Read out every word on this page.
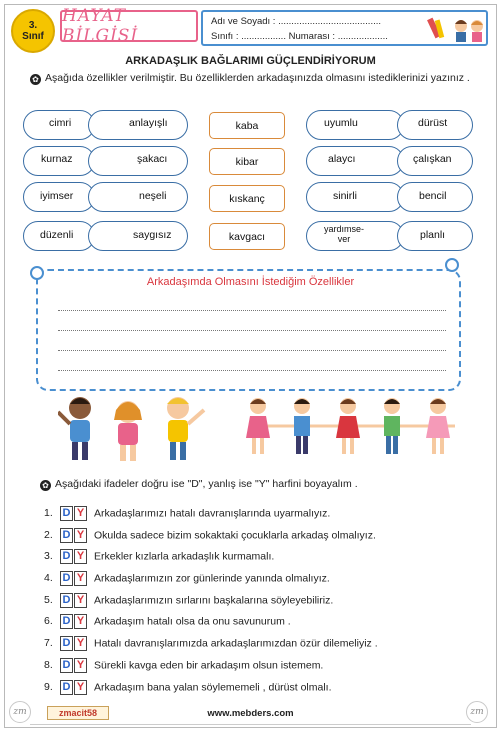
3.
Sınıf
HAYAT BİLGİSİ
Adı ve Soyadı : .......................................
Sınıfı : ................. Numarası : ...................
ARKADAŞLIK BAĞLARIMI GÜÇLENDİRİYORUM
✿ Aşağıda özellikler verilmiştir. Bu özelliklerden arkadaşınızda olmasını istediklerinizi yazınız .
cimri	anlayışlı
kurnaz	şakacı
iyimser	neşeli
düzenli	saygısız
kaba
kibar
kıskanç
kavgacı
uyumlu	dürüst
alaycı	çalışkan
sinirli	bencil
yardımse-ver	planlı
Arkadaşımda Olmasını İstediğim Özellikler
✿ Aşağıdaki ifadeler doğru ise "D", yanlış ise "Y" harfini boyayalım .
1. D Y Arkadaşlarımızı hatalı davranışlarında uyarmalıyız.
2. D Y Okulda sadece bizim sokaktaki çocuklarla arkadaş olmalıyız.
3. D Y Erkekler kızlarla arkadaşlık kurmamalı.
4. D Y Arkadaşlarımızın zor günlerinde yanında olmalıyız.
5. D Y Arkadaşlarımızın sırlarını başkalarına söyleyebiliriz.
6. D Y Arkadaşım hatalı olsa da onu savunurum .
7. D Y Hatalı davranışlarımızda arkadaşlarımızdan özür dilemeliyiz .
8. D Y Sürekli kavga eden bir arkadaşım olsun istemem.
9. D Y Arkadaşım bana yalan söylememeli , dürüst olmalı.
zm	zm
zmacit58	www.mebders.com
